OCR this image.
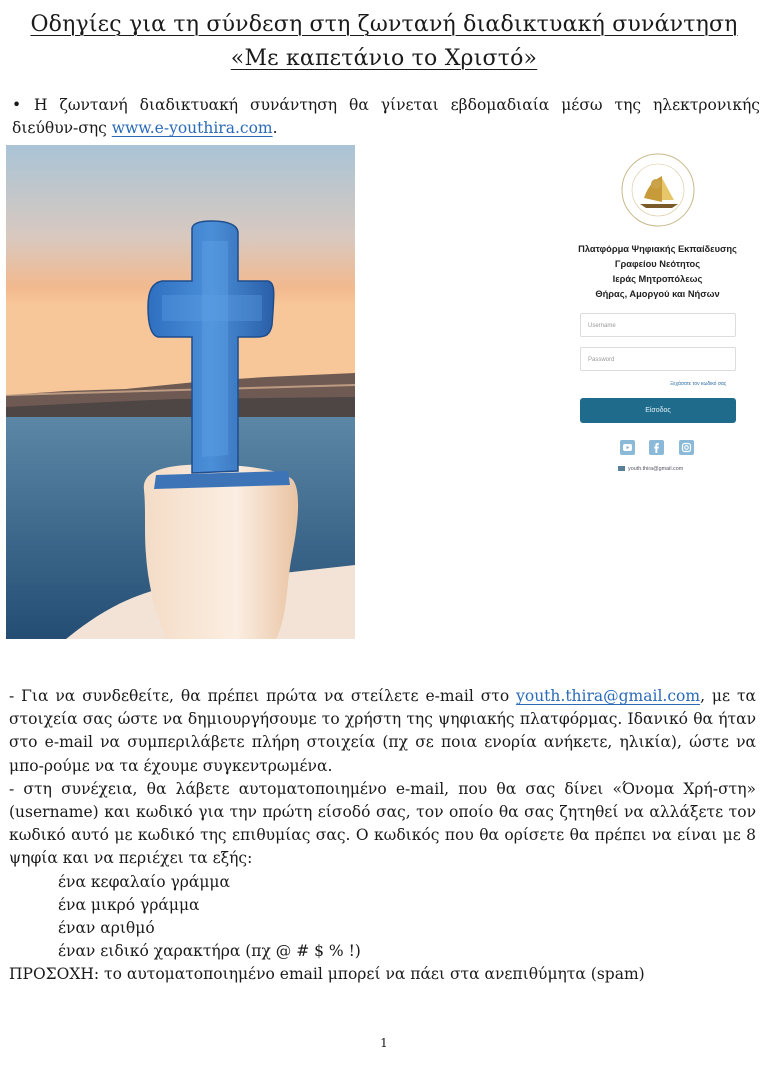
Οδηγίες για τη σύνδεση στη ζωντανή διαδικτυακή συνάντηση
«Με καπετάνιο το Χριστό»
• Η ζωντανή διαδικτυακή συνάντηση θα γίνεται εβδομαδιαία μέσω της ηλεκτρονικής διεύθυν-σης www.e-youthira.com.
Πλατφόρμα Ψηφιακής Εκπαίδευσης
Γραφείου Νεότητος
Ιεράς Μητροπόλεως
Θήρας, Αμοργού και Νήσων
Username
Password
Ξεχάσατε τον κωδικό σας
Είσοδος
youth.thira@gmail.com

- Για να συνδεθείτε, θα πρέπει πρώτα να στείλετε e-mail στο youth.thira@gmail.com, με τα στοιχεία σας ώστε να δημιουργήσουμε το χρήστη της ψηφιακής πλατφόρμας. Ιδανικό θα ήταν στο e-mail να συμπεριλάβετε πλήρη στοιχεία (πχ σε ποια ενορία ανήκετε, ηλικία), ώστε να μπο-ρούμε να τα έχουμε συγκεντρωμένα.

- στη συνέχεια, θα λάβετε αυτοματοποιημένο e-mail, που θα σας δίνει «Όνομα Χρή-στη» (username) και κωδικό για την πρώτη είσοδό σας, τον οποίο θα σας ζητηθεί να αλλάξετε τον κωδικό αυτό με κωδικό της επιθυμίας σας. Ο κωδικός που θα ορίσετε θα πρέπει να είναι με 8 ψηφία και να περιέχει τα εξής:

ένα κεφαλαίο γράμμα

ένα μικρό γράμμα

έναν αριθμό

έναν ειδικό χαρακτήρα (πχ @ # $ % !)

ΠΡΟΣΟΧΗ: το αυτοματοποιημένο email μπορεί να πάει στα ανεπιθύμητα (spam)

1
